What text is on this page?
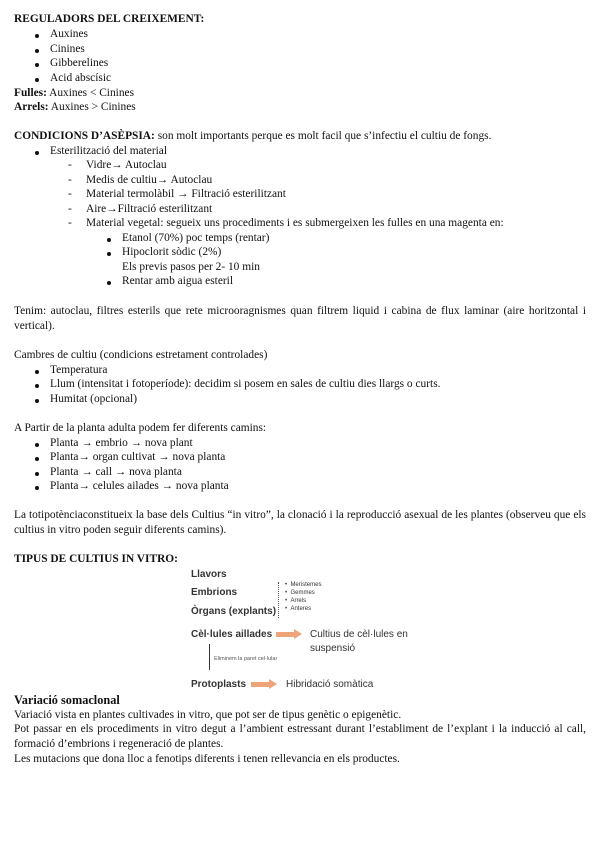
REGULADORS DEL CREIXEMENT:
Auxines
Cinines
Gibberelines
Acid abscísic
Fulles: Auxines < Cinines
Arrels: Auxines > Cinines
CONDICIONS D’ASÈPSIA: son molt importants perque es molt facil que s’infectiu el cultiu de fongs.
Esterilització del material
- Vidre→ Autoclau
- Medis de cultiu→ Autoclau
- Material termolàbil → Filtració esterilitzant
- Aire→Filtració esterilitzant
- Material vegetal: segueix uns procediments i es submergeixen les fulles en una magenta en:
Etanol (70%) poc temps (rentar)
Hipoclorit sòdic (2%)
Els previs pasos per 2- 10 min
Rentar amb aigua esteril
Tenim: autoclau, filtres esterils que rete microoragnismes quan filtrem liquid i cabina de flux laminar (aire horitzontal i vertical).
Cambres de cultiu (condicions estretament controlades)
Temperatura
Llum (intensitat i fotoperíode): decidim si posem en sales de cultiu dies llargs o curts.
Humitat (opcional)
A Partir de la planta adulta podem fer diferents camins:
Planta → embrio → nova plant
Planta→ organ cultivat → nova planta
Planta → call → nova planta
Planta→ celules ailades → nova planta
La totipotènciaconstitueix la base dels Cultius “in vitro”, la clonació i la reproducció asexual de les plantes (observeu que els cultius in vitro poden seguir diferents camins).
TIPUS DE CULTIUS IN VITRO:
Llavors
Embrions
Òrgans (explants)
•  Meristemes
•  Gemmes
•  Arrels
•  Anteres
Cèl·lules aillades	Cultius de cèl·lules en
suspensió
Eliminem la paret cel·lular
Protoplasts	Hibridació somàtica
Variació somaclonal
Variació vista en plantes cultivades in vitro, que pot ser de tipus genètic o epigenètic.
Pot passar en els procediments in vitro degut a l’ambient estressant durant l’establiment de l’explant i la inducció al call, formació d’embrions i regeneració de plantes.
Les mutacions que dona lloc a fenotips diferents i tenen rellevancia en els productes.
